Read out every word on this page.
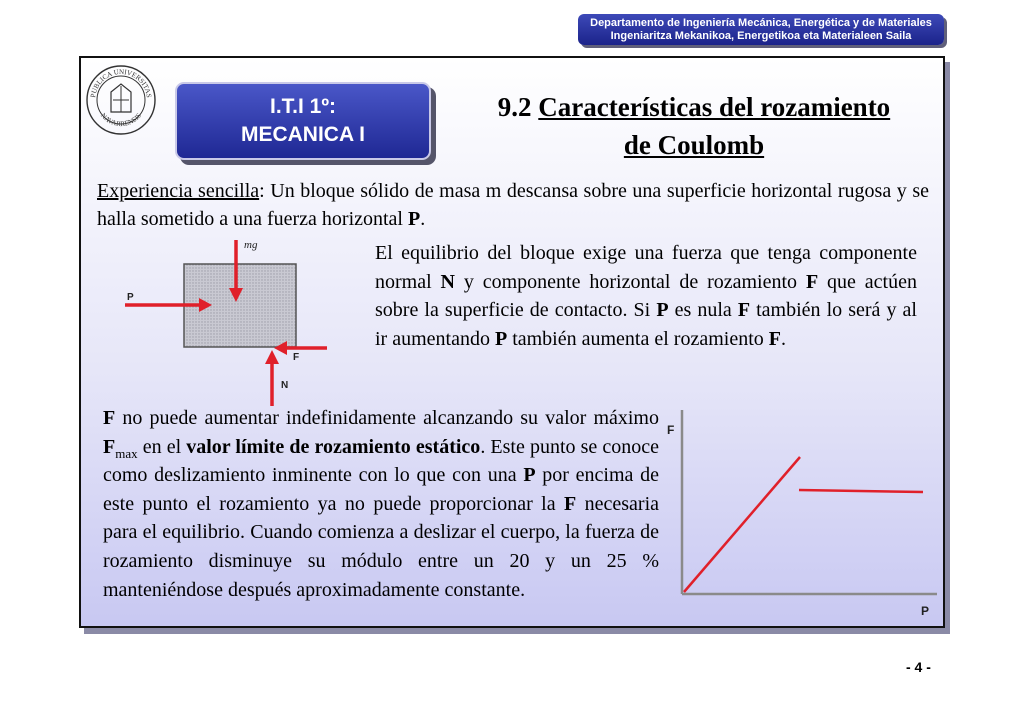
Departamento de Ingeniería Mecánica, Energética y de Materiales
Ingeniaritza Mekanikoa, Energetikoa eta Materialeen Saila
PUBLICA UNIVERSITAS
NAVARRENSIS	I.T.I 1º:
MECANICA I
9.2 Características del rozamiento
de Coulomb
Experiencia sencilla: Un bloque sólido de masa m descansa sobre una superficie horizontal rugosa y se halla sometido a una fuerza horizontal P.
mg
P
F
N
El equilibrio del bloque exige una fuerza que tenga componente normal N y componente horizontal de rozamiento F que actúen sobre la superficie de contacto. Si P es nula F también lo será y al ir aumentando P también aumenta el rozamiento F.
F no puede aumentar indefinidamente alcanzando su valor máximo $F_{max}$ en el valor límite de rozamiento estático. Este punto se conoce como deslizamiento inminente con lo que con una P por encima de este punto el rozamiento ya no puede proporcionar la F necesaria para el equilibrio. Cuando comienza a deslizar el cuerpo, la fuerza de rozamiento disminuye su módulo entre un 20 y un 25 % manteniéndose después aproximadamente constante.
F
P
- 4 -
